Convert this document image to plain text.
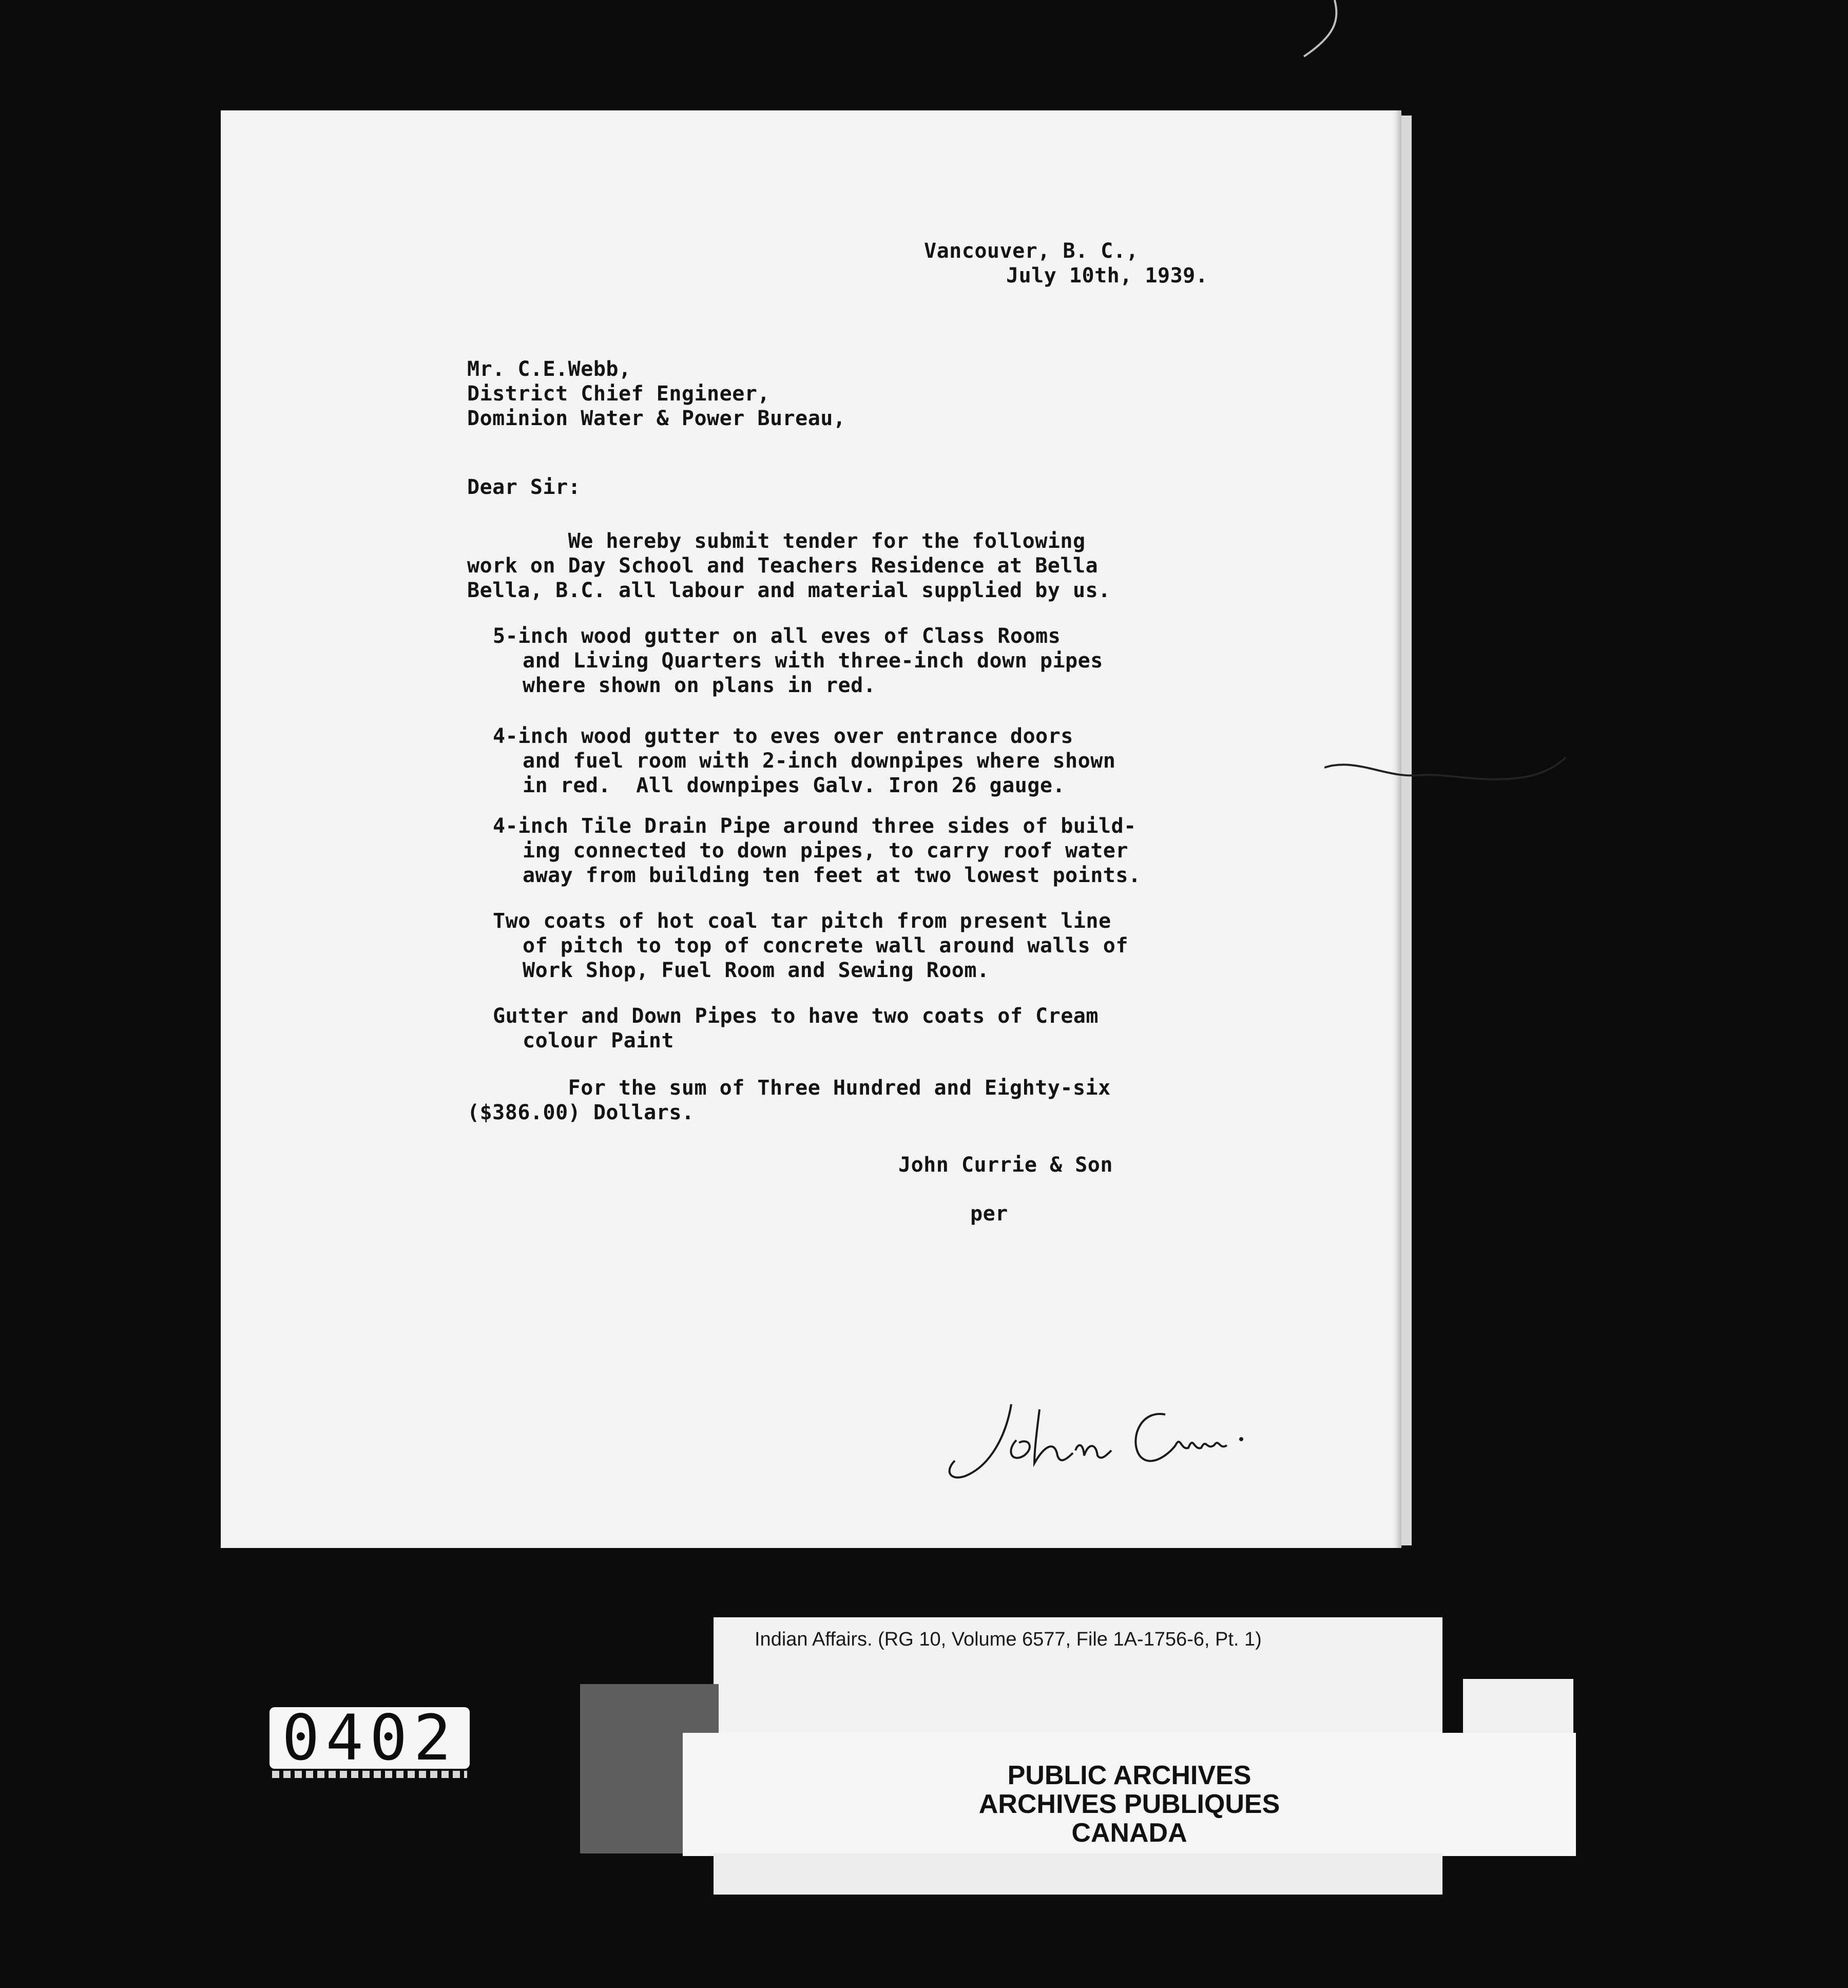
Vancouver, B. C.,
July 10th, 1939.
Mr. C.E.Webb,
District Chief Engineer,
Dominion Water & Power Bureau,
Dear Sir:
We hereby submit tender for the following
work on Day School and Teachers Residence at Bella
Bella, B.C. all labour and material supplied by us.
5-inch wood gutter on all eves of Class Rooms
and Living Quarters with three-inch down pipes
where shown on plans in red.
4-inch wood gutter to eves over entrance doors
and fuel room with 2-inch downpipes where shown
in red.  All downpipes Galv. Iron 26 gauge.
4-inch Tile Drain Pipe around three sides of build-
ing connected to down pipes, to carry roof water
away from building ten feet at two lowest points.
Two coats of hot coal tar pitch from present line
of pitch to top of concrete wall around walls of
Work Shop, Fuel Room and Sewing Room.
Gutter and Down Pipes to have two coats of Cream
colour Paint
For the sum of Three Hundred and Eighty-six
($386.00) Dollars.
John Currie & Son
per
Indian Affairs. (RG 10, Volume 6577, File 1A-1756-6, Pt. 1)
PUBLIC ARCHIVES
ARCHIVES PUBLIQUES
CANADA
0402
